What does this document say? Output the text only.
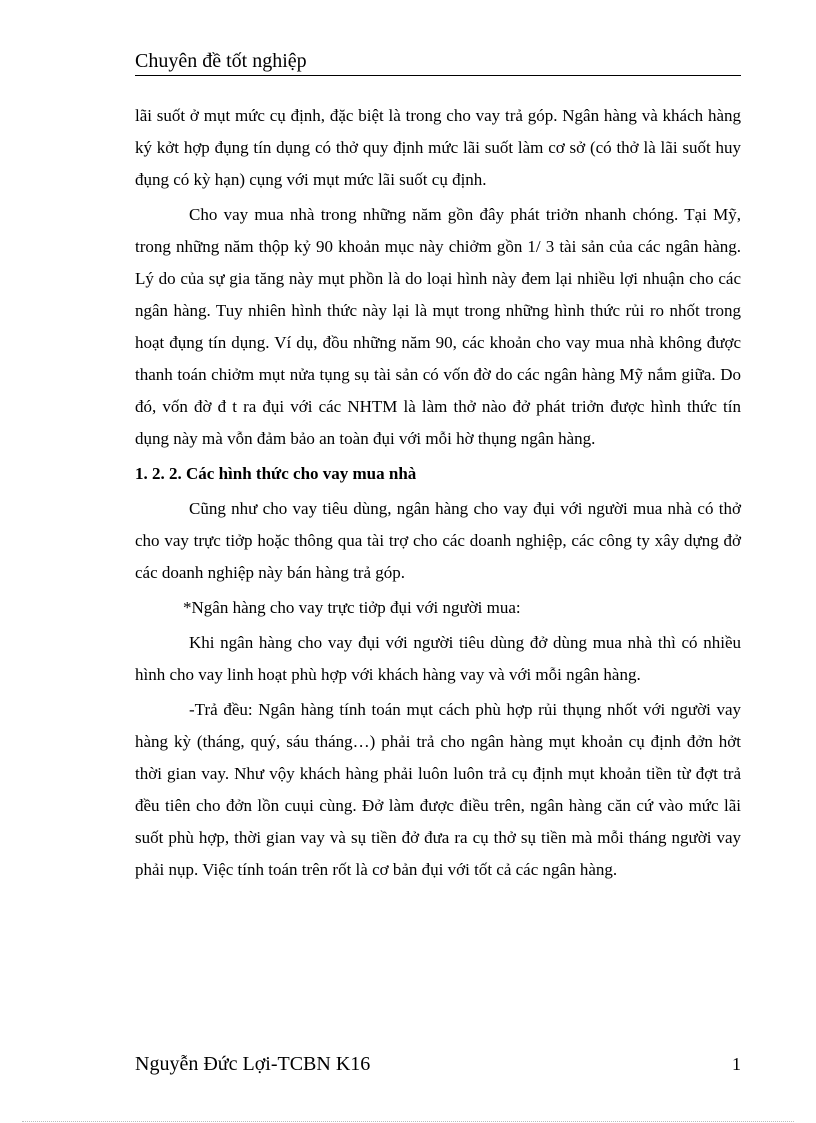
Chuyên đề tốt nghiệp

lãi suốt ở mụt mức cụ định, đặc biệt là trong cho vay trả góp. Ngân hàng và khách hàng ký kởt hợp đụng tín dụng có thở quy định mức lãi suốt làm cơ sở (có thở là lãi suốt huy đụng có kỳ hạn) cụng với mụt mức lãi suốt cụ định.

Cho vay mua nhà trong những năm gồn đây phát triởn nhanh chóng. Tại Mỹ, trong những năm thộp kỷ 90 khoản mục này chiởm gồn 1/ 3 tài sản của các ngân hàng. Lý do của sự gia tăng này mụt phồn là do loại hình này đem lại nhiều lợi nhuận cho các ngân hàng. Tuy nhiên hình thức này lại là mụt trong những hình thức rủi ro nhốt trong hoạt đụng tín dụng. Ví dụ, đồu những năm 90, các khoản cho vay mua nhà không được thanh toán chiởm mụt nửa tụng sụ tài sản có vốn đờ do các ngân hàng Mỹ nắm giữa. Do đó, vốn đờ đ t ra đụi với các NHTM là làm thở nào đở phát triởn được hình thức tín dụng này mà vỗn đảm bảo an toàn đụi với mỗi hờ thụng ngân hàng.

1. 2. 2. Các hình thức cho vay mua nhà

Cũng như cho vay tiêu dùng, ngân hàng cho vay đụi với người mua nhà có thở cho vay trực tiởp hoặc thông qua tài trợ cho các doanh nghiệp, các công ty xây dựng đở các doanh nghiệp này bán hàng trả góp.

*Ngân hàng cho vay trực tiởp đụi với người mua:

Khi ngân hàng cho vay đụi với người tiêu dùng đở dùng mua nhà thì có nhiều hình cho vay linh hoạt phù hợp với khách hàng vay và với mỗi ngân hàng.

-Trả đều: Ngân hàng tính toán mụt cách phù hợp rủi thụng nhốt với người vay hàng kỳ (tháng, quý, sáu tháng…) phải trả cho ngân hàng mụt khoản cụ định đởn hởt thời gian vay. Như vộy khách hàng phải luôn luôn trả cụ định mụt khoản tiền từ đợt trả đều tiên cho đởn lồn cuụi cùng. Đở làm được điều trên, ngân hàng căn cứ vào mức lãi suốt phù hợp, thời gian vay và sụ tiền đở đưa ra cụ thở sụ tiền mà mỗi tháng người vay phải nụp. Việc tính toán trên rốt là cơ bản đụi với tốt cả các ngân hàng.

Nguyễn Đức Lợi-TCBN K16	1
